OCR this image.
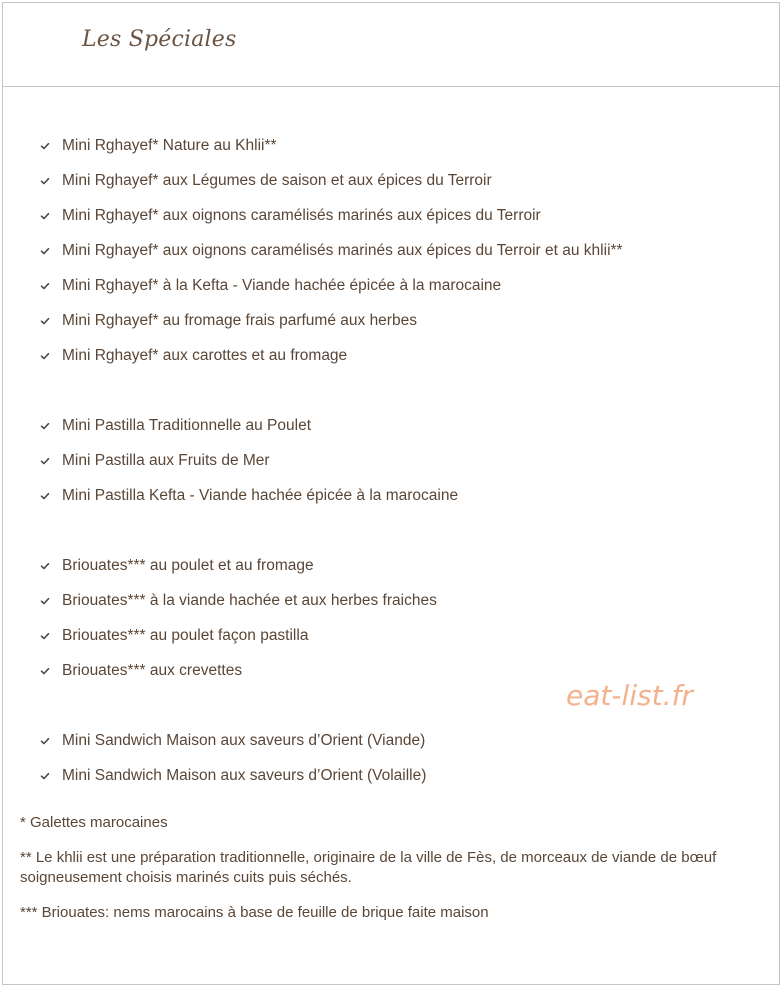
Les Spéciales
Mini Rghayef* Nature au Khlii**
Mini Rghayef* aux Légumes de saison et aux épices du Terroir
Mini Rghayef* aux oignons caramélisés marinés aux épices du Terroir
Mini Rghayef* aux oignons caramélisés marinés aux épices du Terroir et au khlii**
Mini Rghayef* à la Kefta - Viande hachée épicée à la marocaine
Mini Rghayef* au fromage frais parfumé aux herbes
Mini Rghayef* aux carottes et au fromage
Mini Pastilla Traditionnelle au Poulet
Mini Pastilla aux Fruits de Mer
Mini Pastilla Kefta - Viande hachée épicée à la marocaine
Briouates*** au poulet et au fromage
Briouates*** à la viande hachée et aux herbes fraiches
Briouates*** au poulet façon pastilla
Briouates*** aux crevettes
Mini Sandwich Maison aux saveurs d’Orient (Viande)
Mini Sandwich Maison aux saveurs d’Orient (Volaille)
eat-list.fr

* Galettes marocaines

** Le khlii est une préparation traditionnelle, originaire de la ville de Fès, de morceaux de viande de bœuf soigneusement choisis marinés cuits puis séchés.

*** Briouates: nems marocains à base de feuille de brique faite maison
